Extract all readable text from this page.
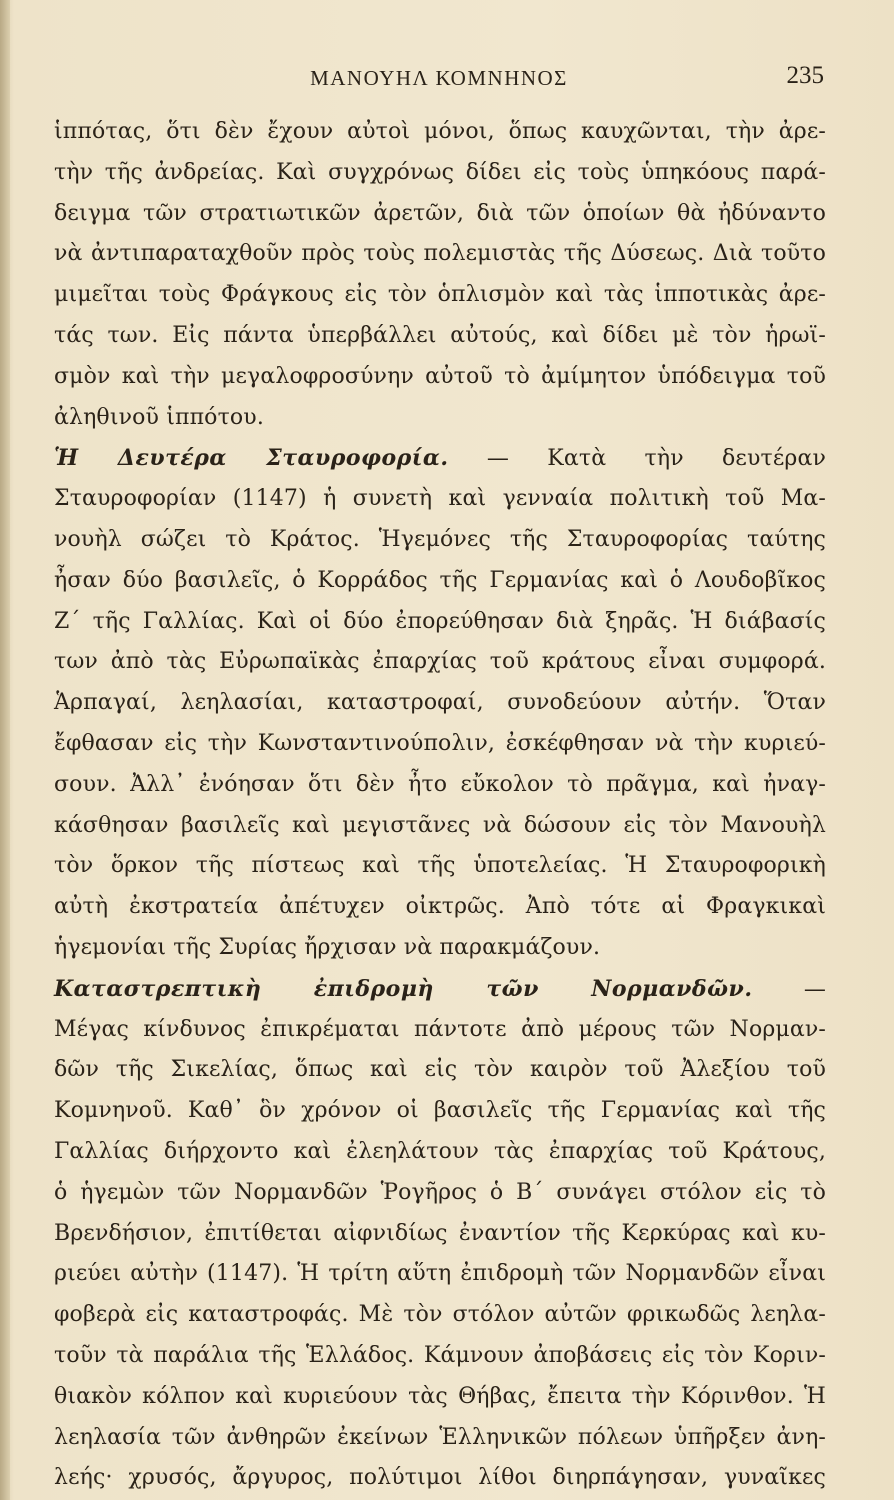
ΜΑΝΟΥΗΛ ΚΟΜΝΗΝΟΣ	235
ἱππότας, ὅτι δὲν ἔχουν αὐτοὶ μόνοι, ὅπως καυχῶνται, τὴν ἀρε-
τὴν τῆς ἀνδρείας. Καὶ συγχρόνως δίδει εἰς τοὺς ὑπηκόους παρά-
δειγμα τῶν στρατιωτικῶν ἀρετῶν, διὰ τῶν ὁποίων θὰ ἠδύναντο
νὰ ἀντιπαραταχθοῦν πρὸς τοὺς πολεμιστὰς τῆς Δύσεως. Διὰ τοῦτο
μιμεῖται τοὺς Φράγκους εἰς τὸν ὁπλισμὸν καὶ τὰς ἱπποτικὰς ἀρε-
τάς των. Εἰς πάντα ὑπερβάλλει αὐτούς, καὶ δίδει μὲ τὸν ἡρωϊ-
σμὸν καὶ τὴν μεγαλοφροσύνην αὐτοῦ τὸ ἀμίμητον ὑπόδειγμα τοῦ
ἀληθινοῦ ἱππότου.
Ἡ Δευτέρα Σταυροφορία. — Κατὰ τὴν δευτέραν
Σταυροφορίαν (1147) ἡ συνετὴ καὶ γενναία πολιτικὴ τοῦ Μα-
νουὴλ σώζει τὸ Κράτος. Ἡγεμόνες τῆς Σταυροφορίας ταύτης
ἦσαν δύο βασιλεῖς, ὁ Κορράδος τῆς Γερμανίας καὶ ὁ Λουδοβῖκος
Ζ΄ τῆς Γαλλίας. Καὶ οἱ δύο ἐπορεύθησαν διὰ ξηρᾶς. Ἡ διάβασίς
των ἀπὸ τὰς Εὐρωπαϊκὰς ἐπαρχίας τοῦ κράτους εἶναι συμφορά.
Ἁρπαγαί, λεηλασίαι, καταστροφαί, συνοδεύουν αὐτήν. Ὅταν
ἔφθασαν εἰς τὴν Κωνσταντινούπολιν, ἐσκέφθησαν νὰ τὴν κυριεύ-
σουν. Ἀλλ᾽ ἐνόησαν ὅτι δὲν ἦτο εὔκολον τὸ πρᾶγμα, καὶ ἠναγ-
κάσθησαν βασιλεῖς καὶ μεγιστᾶνες νὰ δώσουν εἰς τὸν Μανουὴλ
τὸν ὅρκον τῆς πίστεως καὶ τῆς ὑποτελείας. Ἡ Σταυροφορικὴ
αὐτὴ ἐκστρατεία ἀπέτυχεν οἰκτρῶς. Ἀπὸ τότε αἱ Φραγκικαὶ
ἡγεμονίαι τῆς Συρίας ἤρχισαν νὰ παρακμάζουν.
Καταστρεπτικὴ ἐπιδρομὴ τῶν Νορμανδῶν. —
Μέγας κίνδυνος ἐπικρέμαται πάντοτε ἀπὸ μέρους τῶν Νορμαν-
δῶν τῆς Σικελίας, ὅπως καὶ εἰς τὸν καιρὸν τοῦ Ἀλεξίου τοῦ
Κομνηνοῦ. Καθ᾽ ὃν χρόνον οἱ βασιλεῖς τῆς Γερμανίας καὶ τῆς
Γαλλίας διήρχοντο καὶ ἐλεηλάτουν τὰς ἐπαρχίας τοῦ Κράτους,
ὁ ἡγεμὼν τῶν Νορμανδῶν Ῥογῆρος ὁ Β΄ συνάγει στόλον εἰς τὸ
Βρενδήσιον, ἐπιτίθεται αἰφνιδίως ἐναντίον τῆς Κερκύρας καὶ κυ-
ριεύει αὐτὴν (1147). Ἡ τρίτη αὕτη ἐπιδρομὴ τῶν Νορμανδῶν εἶναι
φοβερὰ εἰς καταστροφάς. Μὲ τὸν στόλον αὐτῶν φρικωδῶς λεηλα-
τοῦν τὰ παράλια τῆς Ἑλλάδος. Κάμνουν ἀποβάσεις εἰς τὸν Κοριν-
θιακὸν κόλπον καὶ κυριεύουν τὰς Θήβας, ἔπειτα τὴν Κόρινθον. Ἡ
λεηλασία τῶν ἀνθηρῶν ἐκείνων Ἑλληνικῶν πόλεων ὑπῆρξεν ἀνη-
λεής· χρυσός, ἄργυρος, πολύτιμοι λίθοι διηρπάγησαν, γυναῖκες
